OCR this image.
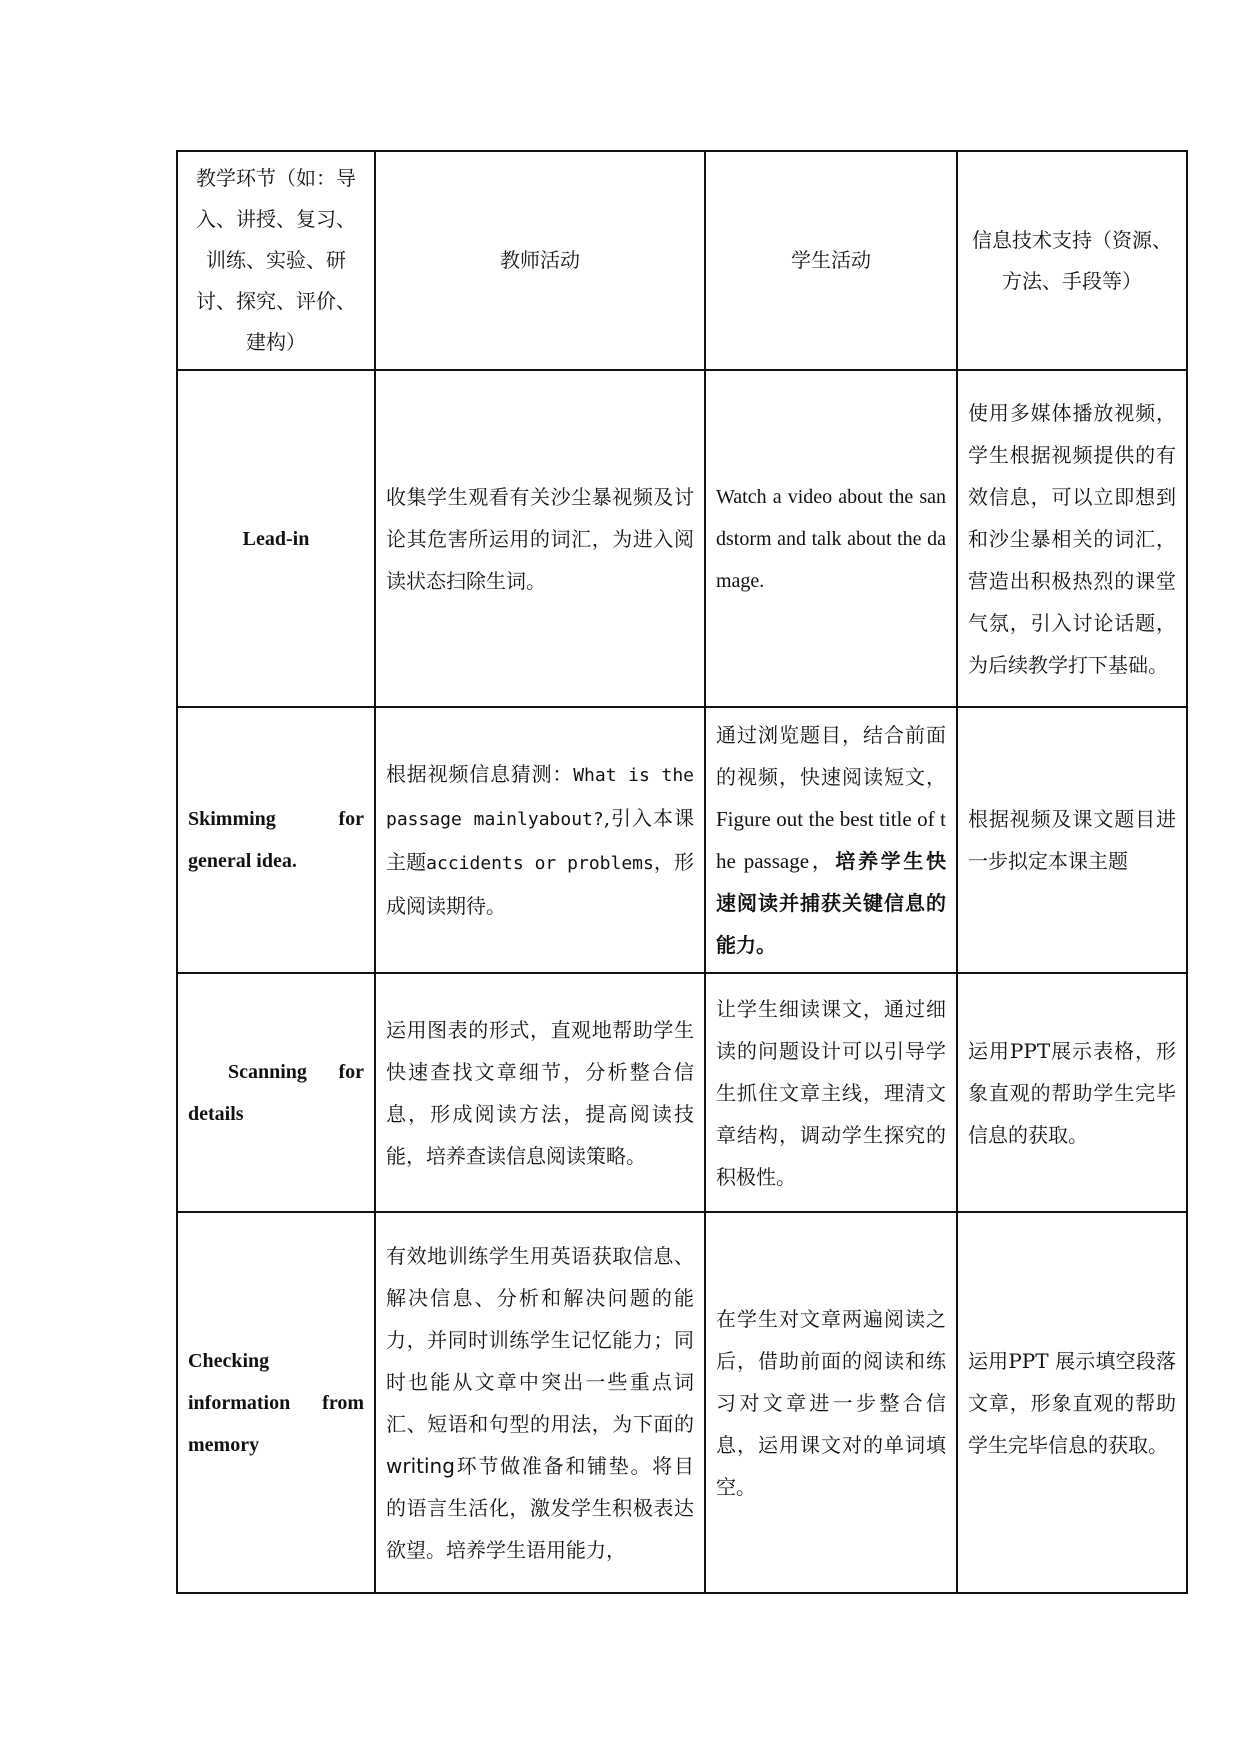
教学环节（如：导入、讲授、复习、训练、实验、研讨、探究、评价、建构）	教师活动	学生活动	信息技术支持（资源、方法、手段等）
Lead-in	收集学生观看有关沙尘暴视频及讨论其危害所运用的词汇，为进入阅读状态扫除生词。	Watch a video about the sandstorm and talk about the damage.	使用多媒体播放视频，学生根据视频提供的有效信息，可以立即想到和沙尘暴相关的词汇，营造出积极热烈的课堂气氛，引入讨论话题，为后续教学打下基础。

Skimming for
general idea.	根据视频信息猜测：What is the passage mainlyabout?,引入本课主题accidents or problems，形成阅读期待。	通过浏览题目，结合前面的视频，快速阅读短文，Figure out the best title of the passage，培养学生快速阅读并捕获关键信息的能力。	根据视频及课文题目进一步拟定本课主题

Scanning for
details	运用图表的形式，直观地帮助学生快速查找文章细节，分析整合信息，形成阅读方法，提高阅读技能，培养查读信息阅读策略。	让学生细读课文，通过细读的问题设计可以引导学生抓住文章主线，理清文章结构，调动学生探究的积极性。	运用PPT展示表格，形象直观的帮助学生完毕信息的获取。

Checking
information from
memory	有效地训练学生用英语获取信息、解决信息、分析和解决问题的能力，并同时训练学生记忆能力；同时也能从文章中突出一些重点词汇、短语和句型的用法，为下面的writing环节做准备和铺垫。将目的语言生活化，激发学生积极表达欲望。培养学生语用能力，	在学生对文章两遍阅读之后，借助前面的阅读和练习对文章进一步整合信息，运用课文对的单词填空。	运用PPT 展示填空段落文章，形象直观的帮助学生完毕信息的获取。
